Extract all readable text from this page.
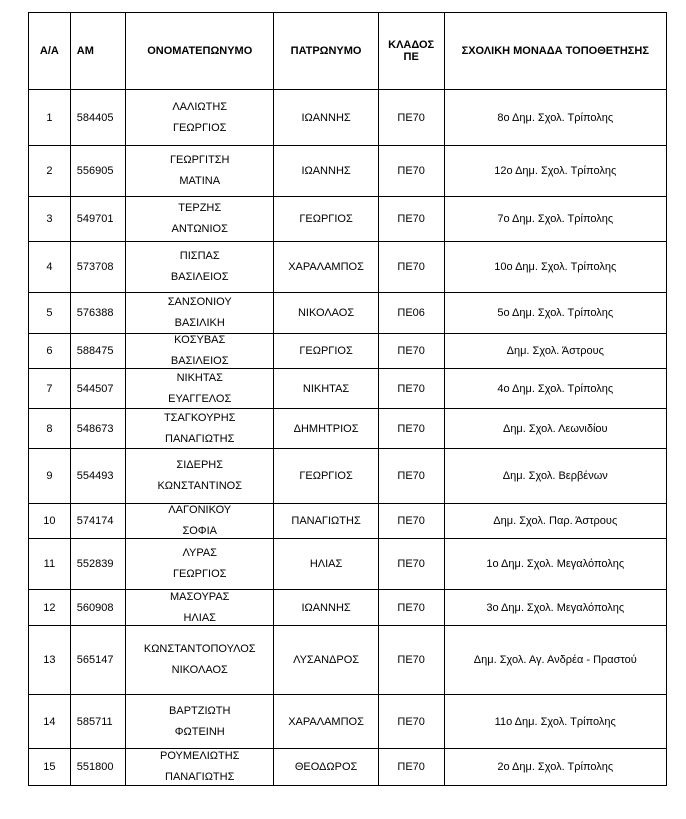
Α/Α	ΑΜ	ΟΝΟΜΑΤΕΠΩΝΥΜΟ	ΠΑΤΡΩΝΥΜΟ	ΚΛΑΔΟΣ ΠΕ	ΣΧΟΛΙΚΗ ΜΟΝΑΔΑ ΤΟΠΟΘΕΤΗΣΗΣ
1	584405	ΛΑΛΙΩΤΗΣ
ΓΕΩΡΓΙΟΣ	ΙΩΑΝΝΗΣ	ΠΕ70	8ο Δημ. Σχολ. Τρίπολης
2	556905	ΓΕΩΡΓΙΤΣΗ
ΜΑΤΙΝΑ	ΙΩΑΝΝΗΣ	ΠΕ70	12ο Δημ. Σχολ. Τρίπολης
3	549701	ΤΕΡΖΗΣ
ΑΝΤΩΝΙΟΣ	ΓΕΩΡΓΙΟΣ	ΠΕ70	7ο Δημ. Σχολ. Τρίπολης
4	573708	ΠΙΣΠΑΣ
ΒΑΣΙΛΕΙΟΣ	ΧΑΡΑΛΑΜΠΟΣ	ΠΕ70	10ο Δημ. Σχολ. Τρίπολης
5	576388	ΣΑΝΣΟΝΙΟΥ
ΒΑΣΙΛΙΚΗ	ΝΙΚΟΛΑΟΣ	ΠΕ06	5ο Δημ. Σχολ. Τρίπολης
6	588475	ΚΟΣΥΒΑΣ
ΒΑΣΙΛΕΙΟΣ	ΓΕΩΡΓΙΟΣ	ΠΕ70	Δημ. Σχολ. Άστρους
7	544507	ΝΙΚΗΤΑΣ
ΕΥΑΓΓΕΛΟΣ	ΝΙΚΗΤΑΣ	ΠΕ70	4ο Δημ. Σχολ. Τρίπολης
8	548673	ΤΣΑΓΚΟΥΡΗΣ
ΠΑΝΑΓΙΩΤΗΣ	ΔΗΜΗΤΡΙΟΣ	ΠΕ70	Δημ. Σχολ. Λεωνιδίου
9	554493	ΣΙΔΕΡΗΣ
ΚΩΝΣΤΑΝΤΙΝΟΣ	ΓΕΩΡΓΙΟΣ	ΠΕ70	Δημ. Σχολ. Βερβένων
10	574174	ΛΑΓΟΝΙΚΟΥ
ΣΟΦΙΑ	ΠΑΝΑΓΙΩΤΗΣ	ΠΕ70	Δημ. Σχολ. Παρ. Άστρους
11	552839	ΛΥΡΑΣ
ΓΕΩΡΓΙΟΣ	ΗΛΙΑΣ	ΠΕ70	1ο Δημ. Σχολ. Μεγαλόπολης
12	560908	ΜΑΣΟΥΡΑΣ
ΗΛΙΑΣ	ΙΩΑΝΝΗΣ	ΠΕ70	3ο Δημ. Σχολ. Μεγαλόπολης
13	565147	ΚΩΝΣΤΑΝΤΟΠΟΥΛΟΣ
ΝΙΚΟΛΑΟΣ	ΛΥΣΑΝΔΡΟΣ	ΠΕ70	Δημ. Σχολ. Αγ. Ανδρέα - Πραστού
14	585711	ΒΑΡΤΖΙΩΤΗ
ΦΩΤΕΙΝΗ	ΧΑΡΑΛΑΜΠΟΣ	ΠΕ70	11ο Δημ. Σχολ. Τρίπολης
15	551800	ΡΟΥΜΕΛΙΩΤΗΣ
ΠΑΝΑΓΙΩΤΗΣ	ΘΕΟΔΩΡΟΣ	ΠΕ70	2ο Δημ. Σχολ. Τρίπολης
